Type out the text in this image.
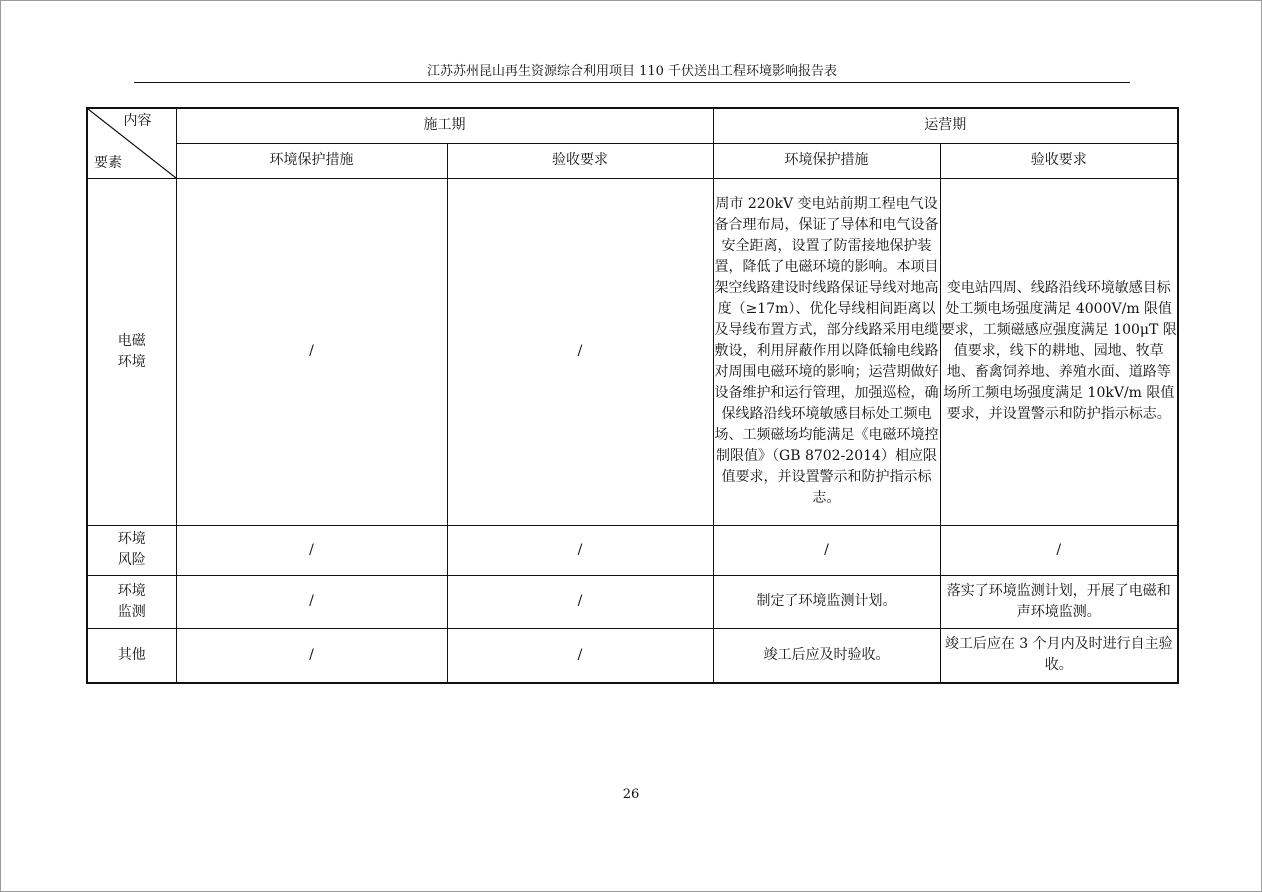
江苏苏州昆山再生资源综合利用项目 110 千伏送出工程环境影响报告表
内容
要素	施工期		运营期	
	环境保护措施	验收要求	环境保护措施	验收要求

电磁环境	/	/	周市 220kV 变电站前期工程电气设备合理布局，保证了导体和电气设备安全距离，设置了防雷接地保护装置，降低了电磁环境的影响。本项目架空线路建设时线路保证导线对地高度（≥17m）、优化导线相间距离以及导线布置方式，部分线路采用电缆敷设，利用屏蔽作用以降低输电线路对周围电磁环境的影响；运营期做好设备维护和运行管理，加强巡检，确保线路沿线环境敏感目标处工频电场、工频磁场均能满足《电磁环境控制限值》（GB 8702-2014）相应限值要求，并设置警示和防护指示标志。	变电站四周、线路沿线环境敏感目标处工频电场强度满足 4000V/m 限值要求，工频磁感应强度满足 100μT 限值要求，线下的耕地、园地、牧草地、畜禽饲养地、养殖水面、道路等场所工频电场强度满足 10kV/m 限值要求，并设置警示和防护指示标志。

环境风险	/	/	/	/

环境监测	/	/	制定了环境监测计划。	落实了环境监测计划，开展了电磁和声环境监测。
其他	/	/	竣工后应及时验收。	竣工后应在 3 个月内及时进行自主验收。
26
